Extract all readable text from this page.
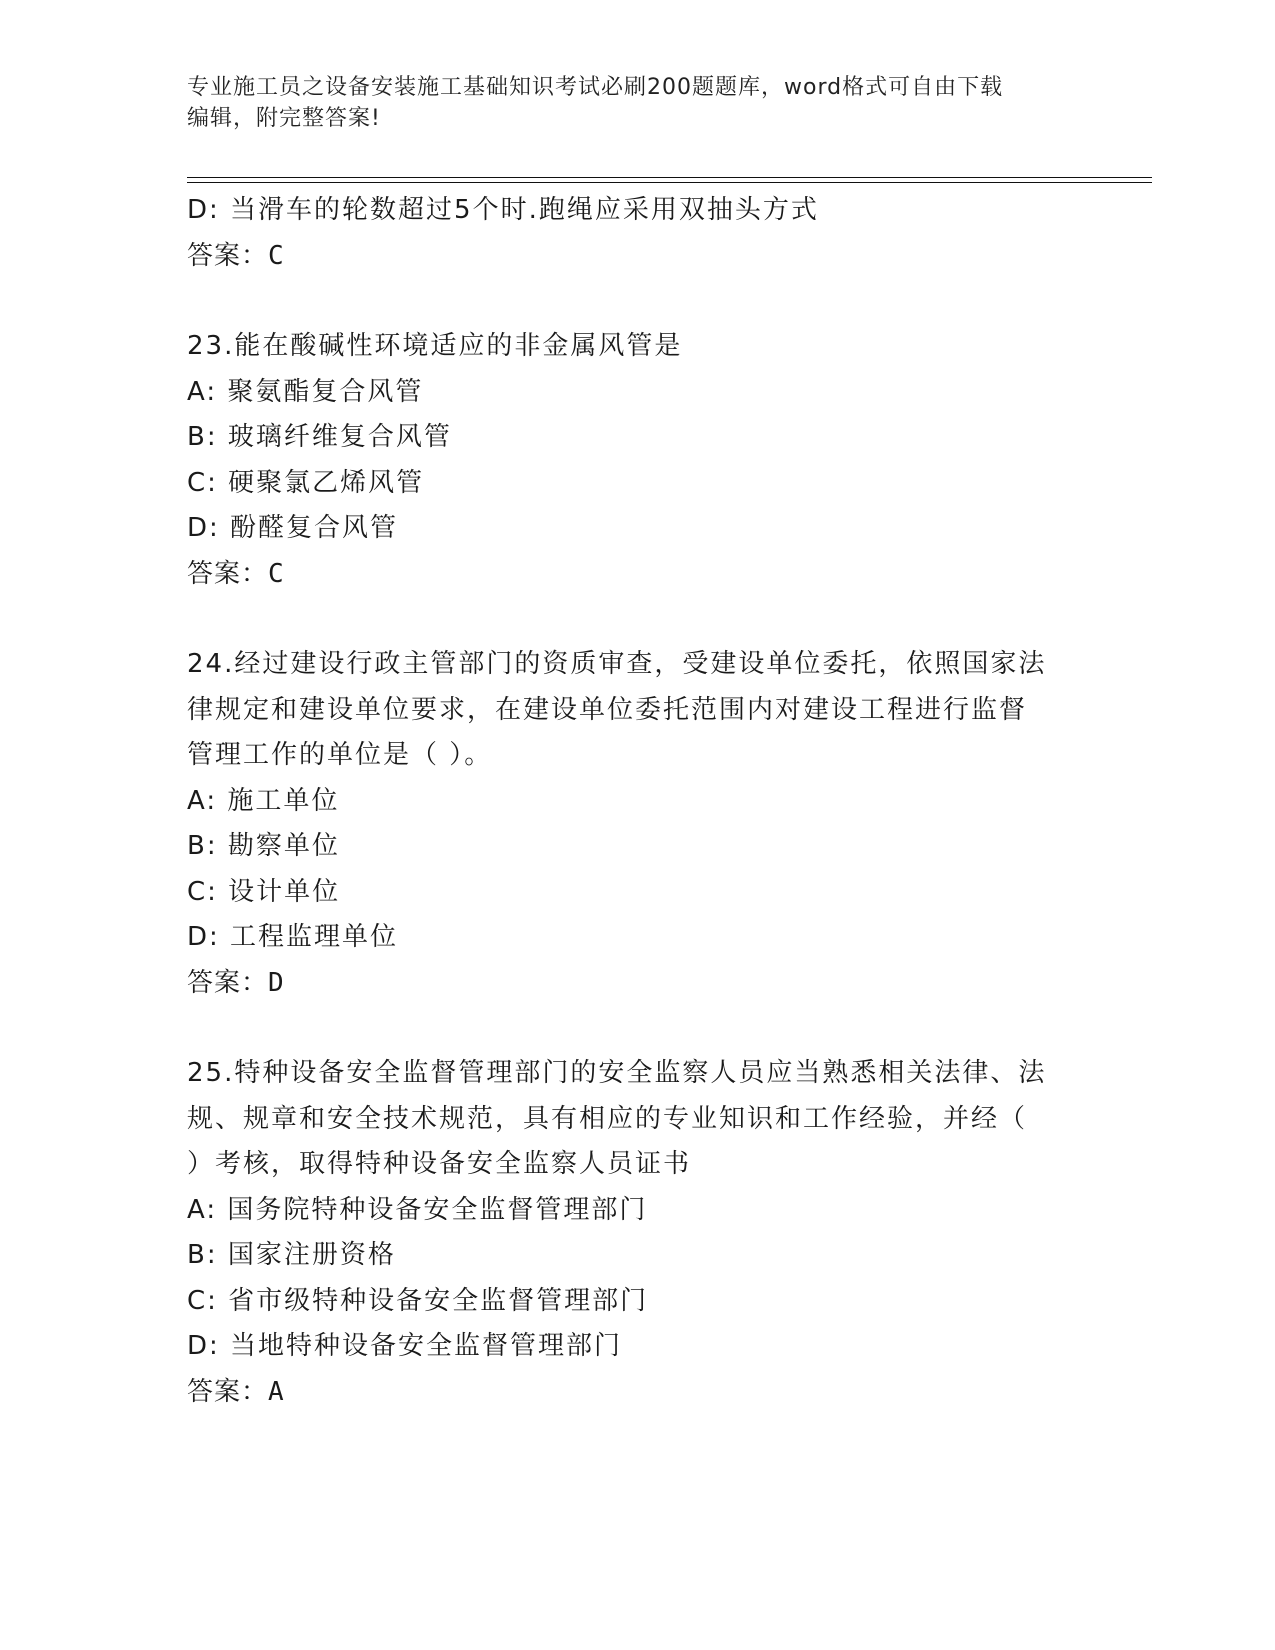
专业施工员之设备安装施工基础知识考试必刷200题题库，word格式可自由下载
编辑，附完整答案!
D: 当滑车的轮数超过5个时.跑绳应采用双抽头方式
答案：C
23.能在酸碱性环境适应的非金属风管是
A: 聚氨酯复合风管
B: 玻璃纤维复合风管
C: 硬聚氯乙烯风管
D: 酚醛复合风管
答案：C
24.经过建设行政主管部门的资质审查，受建设单位委托，依照国家法
律规定和建设单位要求，在建设单位委托范围内对建设工程进行监督
管理工作的单位是（ ）。
A: 施工单位
B: 勘察单位
C: 设计单位
D: 工程监理单位
答案：D
25.特种设备安全监督管理部门的安全监察人员应当熟悉相关法律、法
规、规章和安全技术规范，具有相应的专业知识和工作经验，并经（
）考核，取得特种设备安全监察人员证书
A: 国务院特种设备安全监督管理部门
B: 国家注册资格
C: 省市级特种设备安全监督管理部门
D: 当地特种设备安全监督管理部门
答案：A
